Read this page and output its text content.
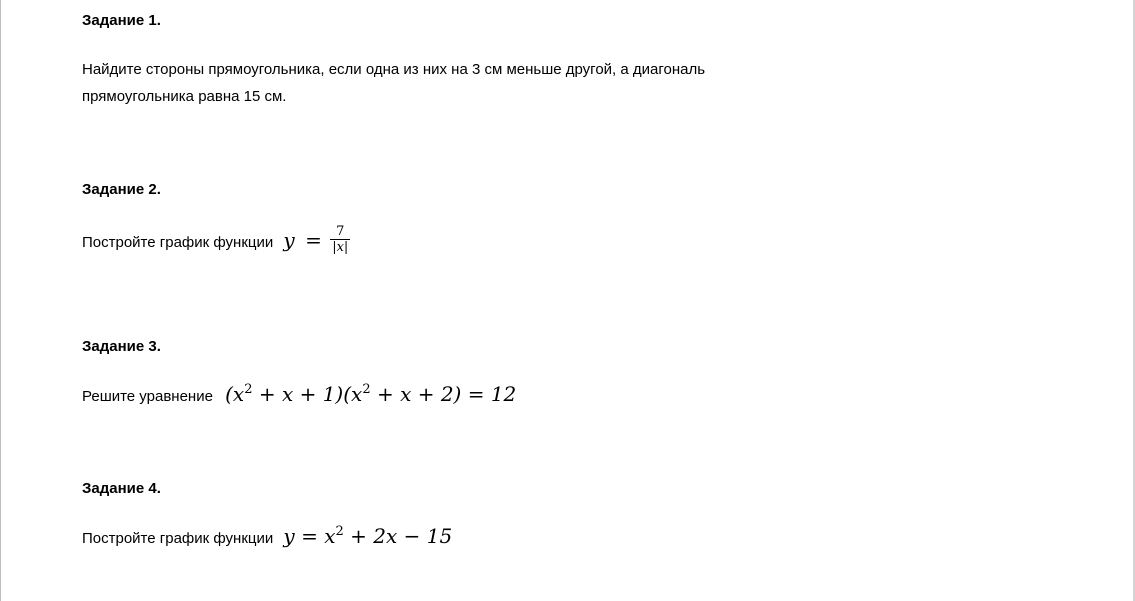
Задание 1.
Найдите стороны прямоугольника, если одна из них на 3 см меньше другой, а диагональ
прямоугольника равна 15 см.
Задание 2.
Постройте график функции $y = \frac{7}{|x|}$
Задание 3.
Решите уравнение $(x^2 + x + 1)(x^2 + x + 2) = 12$
Задание 4.
Постройте график функции $y = x^2 + 2x - 15$
